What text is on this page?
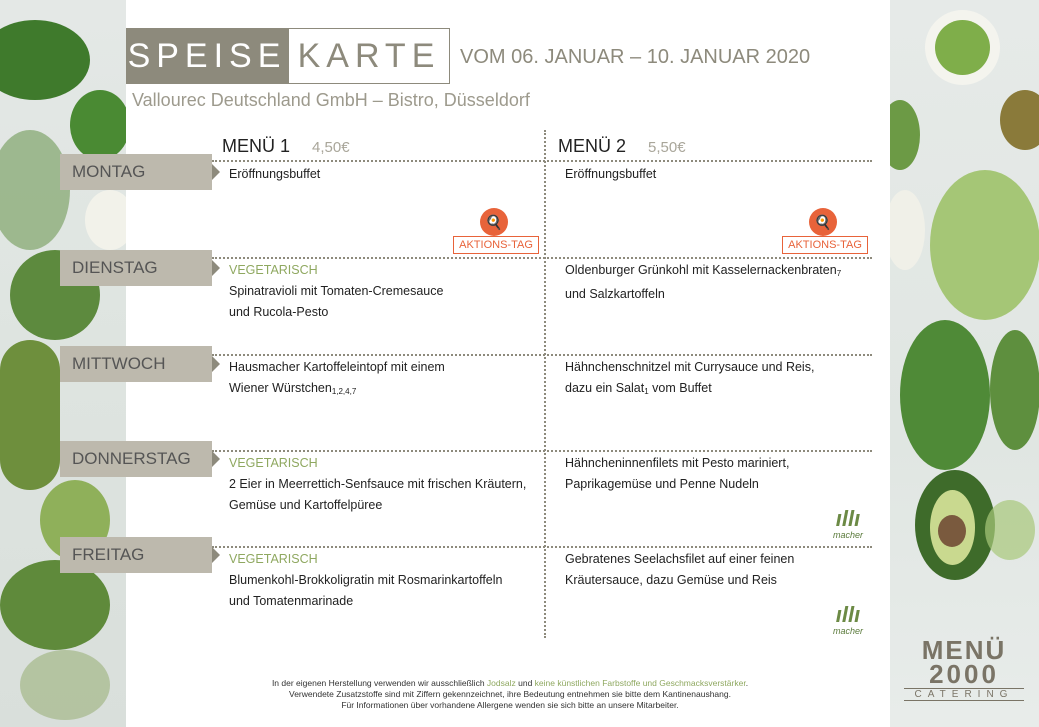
SPEISE KARTE VOM 06. JANUAR – 10. JANUAR 2020
Vallourec Deutschland GmbH – Bistro, Düsseldorf
MENÜ 1 4,50€	MENÜ 2 5,50€
MONTAG
DIENSTAG
MITTWOCH
DONNERSTAG
FREITAG
Eröffnungsbuffet	Eröffnungsbuffet
🍳
AKTIONS-TAG
🍳
AKTIONS-TAG
VEGETARISCH
Spinatravioli mit Tomaten-Cremesauce
und Rucola-Pesto
Oldenburger Grünkohl mit Kasselernackenbraten$_7$
und Salzkartoffeln
Hausmacher Kartoffeleintopf mit einem
Wiener Würstchen$_{1,2,4,7}$
Hähnchenschnitzel mit Currysauce und Reis,
dazu ein Salat$_1$ vom Buffet
VEGETARISCH
2 Eier in Meerrettich-Senfsauce mit frischen Kräutern,
Gemüse und Kartoffelpüree
Hähncheninnenfilets mit Pesto mariniert,
Paprikagemüse und Penne Nudeln
ıllı
macher
VEGETARISCH
Blumenkohl-Brokkoligratin mit Rosmarinkartoffeln
und Tomatenmarinade
Gebratenes Seelachsfilet auf einer feinen
Kräutersauce, dazu Gemüse und Reis
ıllı
macher
In der eigenen Herstellung verwenden wir ausschließlich Jodsalz und keine künstlichen Farbstoffe und Geschmacksverstärker.
Verwendete Zusatzstoffe sind mit Ziffern gekennzeichnet, ihre Bedeutung entnehmen sie bitte dem Kantinenaushang.
Für Informationen über vorhandene Allergene wenden sie sich bitte an unsere Mitarbeiter.
MENÜ
2000
CATERING
